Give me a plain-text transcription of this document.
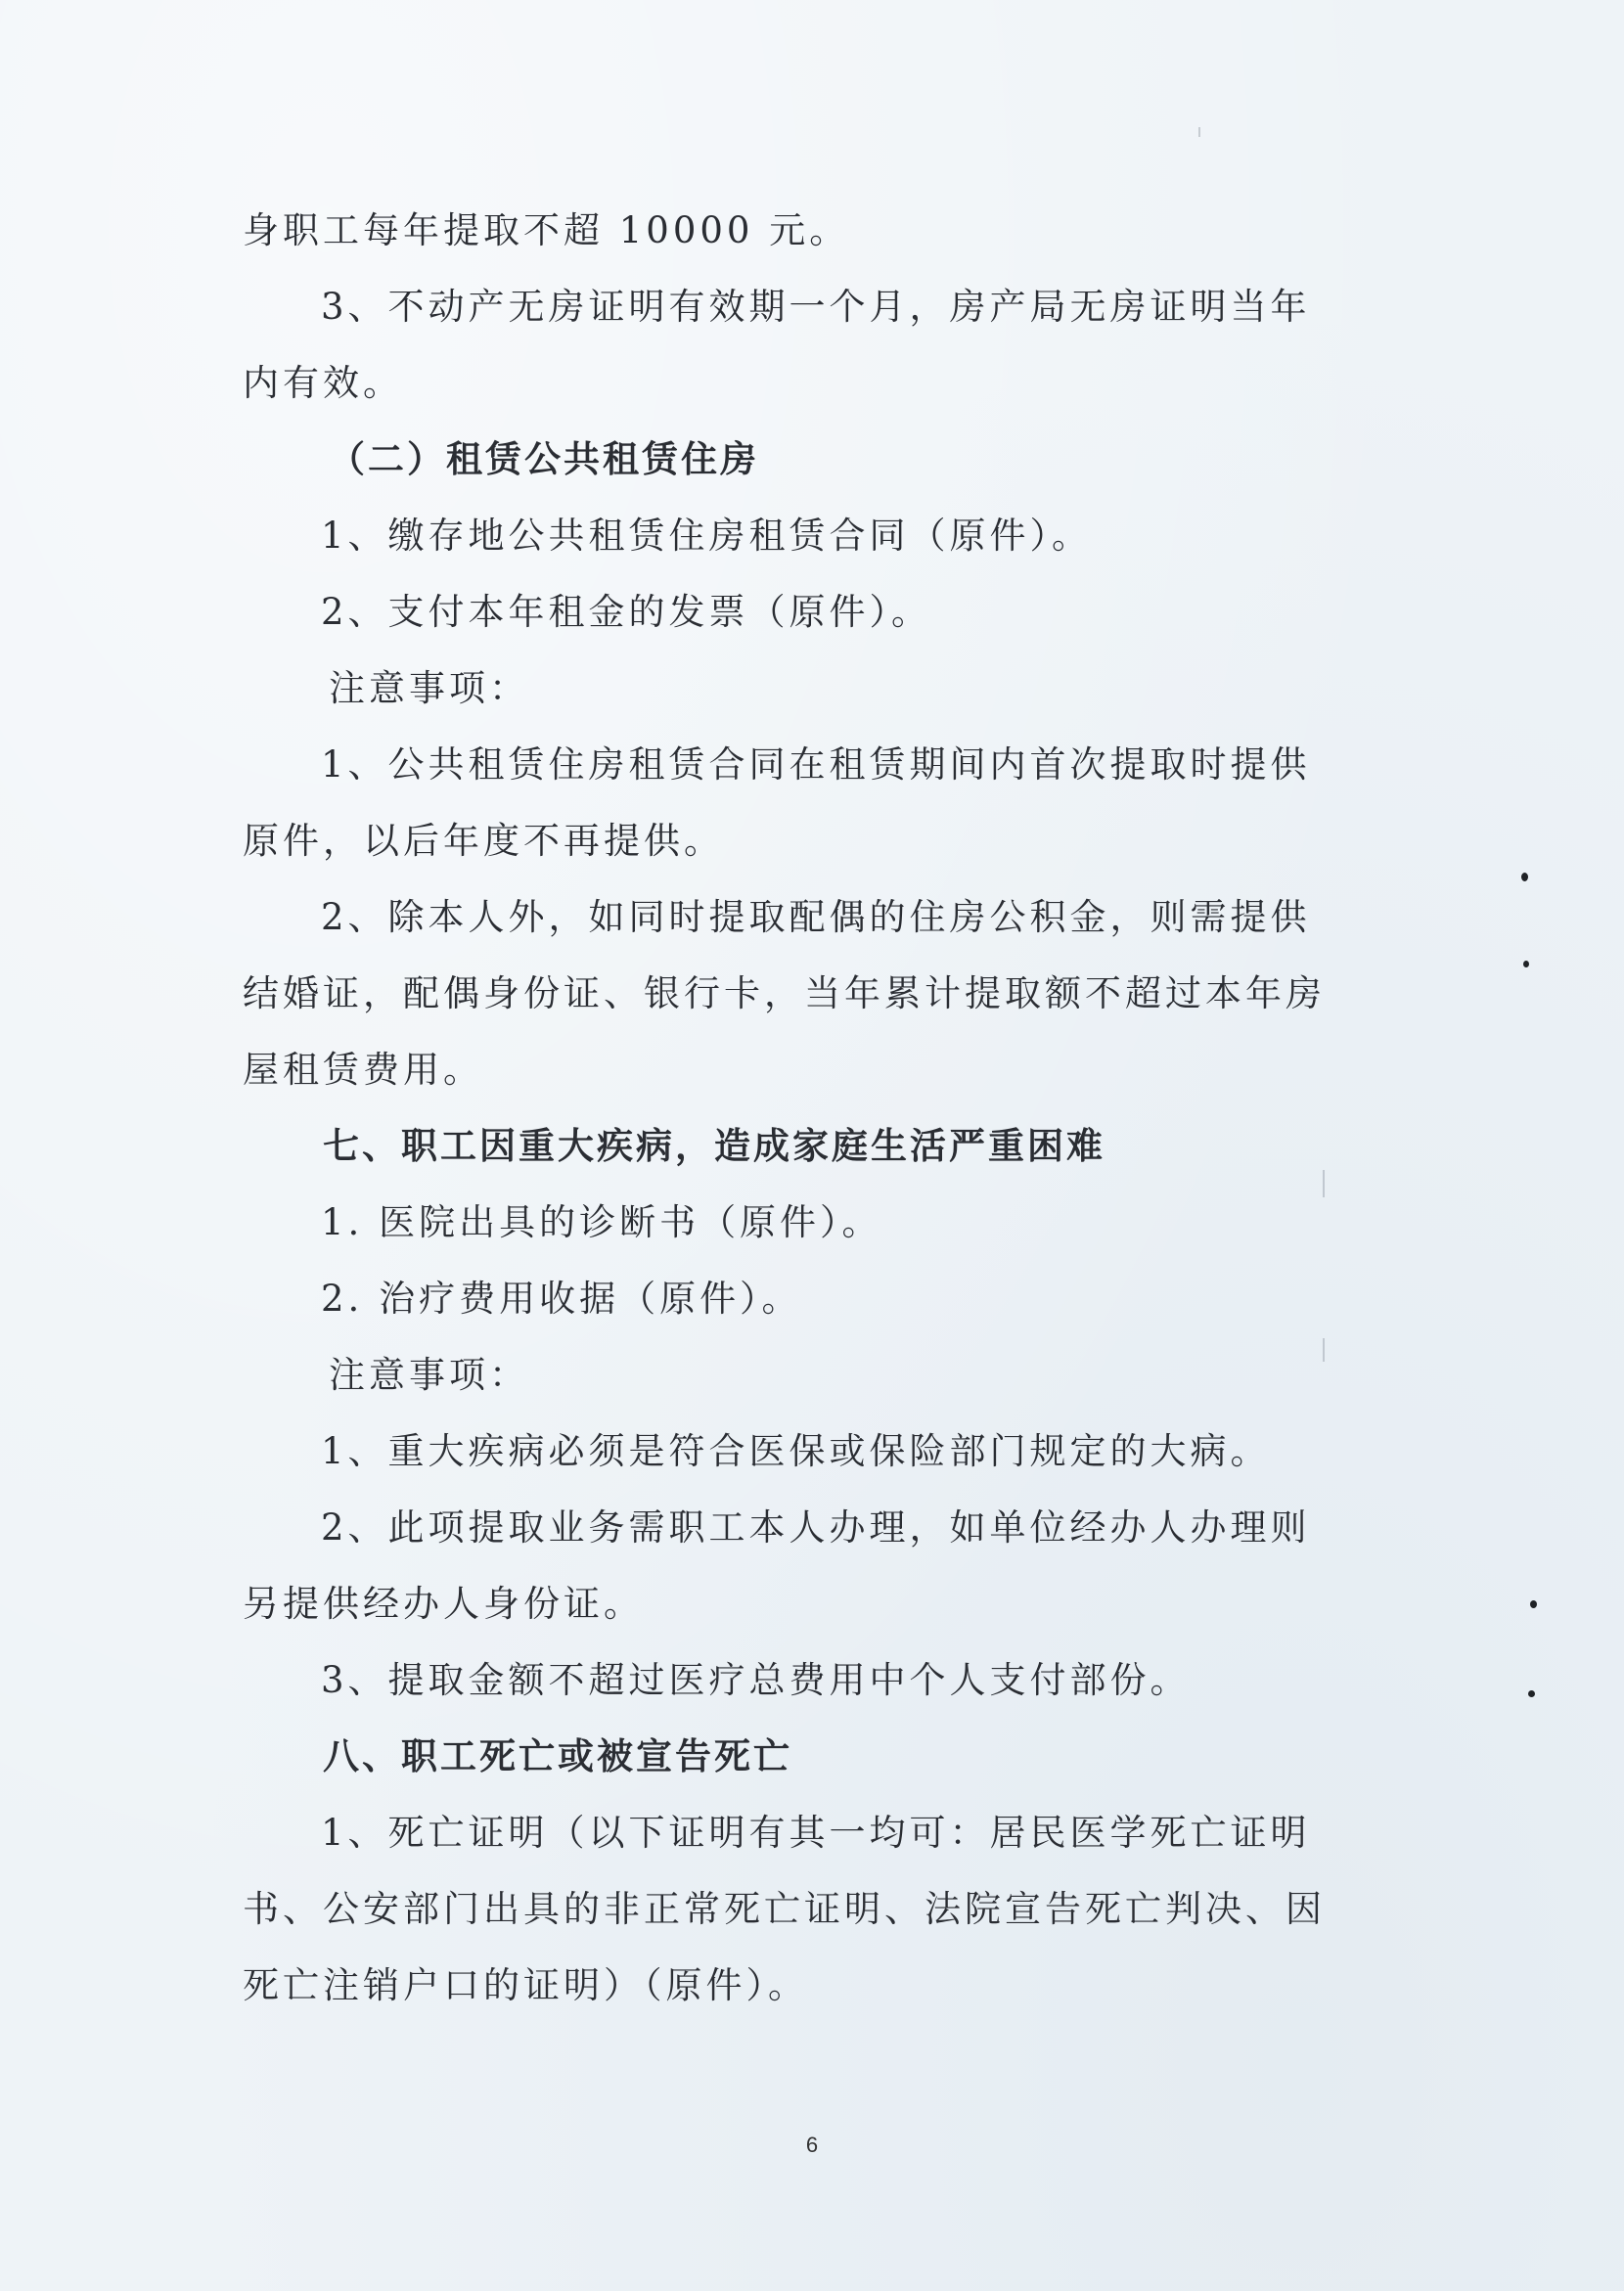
身职工每年提取不超 10000 元。
3、不动产无房证明有效期一个月，房产局无房证明当年
内有效。
（二）租赁公共租赁住房
1、缴存地公共租赁住房租赁合同（原件）。
2、支付本年租金的发票（原件）。
注意事项：
1、公共租赁住房租赁合同在租赁期间内首次提取时提供
原件，以后年度不再提供。
2、除本人外，如同时提取配偶的住房公积金，则需提供
结婚证，配偶身份证、银行卡，当年累计提取额不超过本年房
屋租赁费用。
七、职工因重大疾病，造成家庭生活严重困难
1. 医院出具的诊断书（原件）。
2. 治疗费用收据（原件）。
注意事项：
1、重大疾病必须是符合医保或保险部门规定的大病。
2、此项提取业务需职工本人办理，如单位经办人办理则
另提供经办人身份证。
3、提取金额不超过医疗总费用中个人支付部份。
八、职工死亡或被宣告死亡
1、死亡证明（以下证明有其一均可：居民医学死亡证明
书、公安部门出具的非正常死亡证明、法院宣告死亡判决、因
死亡注销户口的证明）（原件）。
6
